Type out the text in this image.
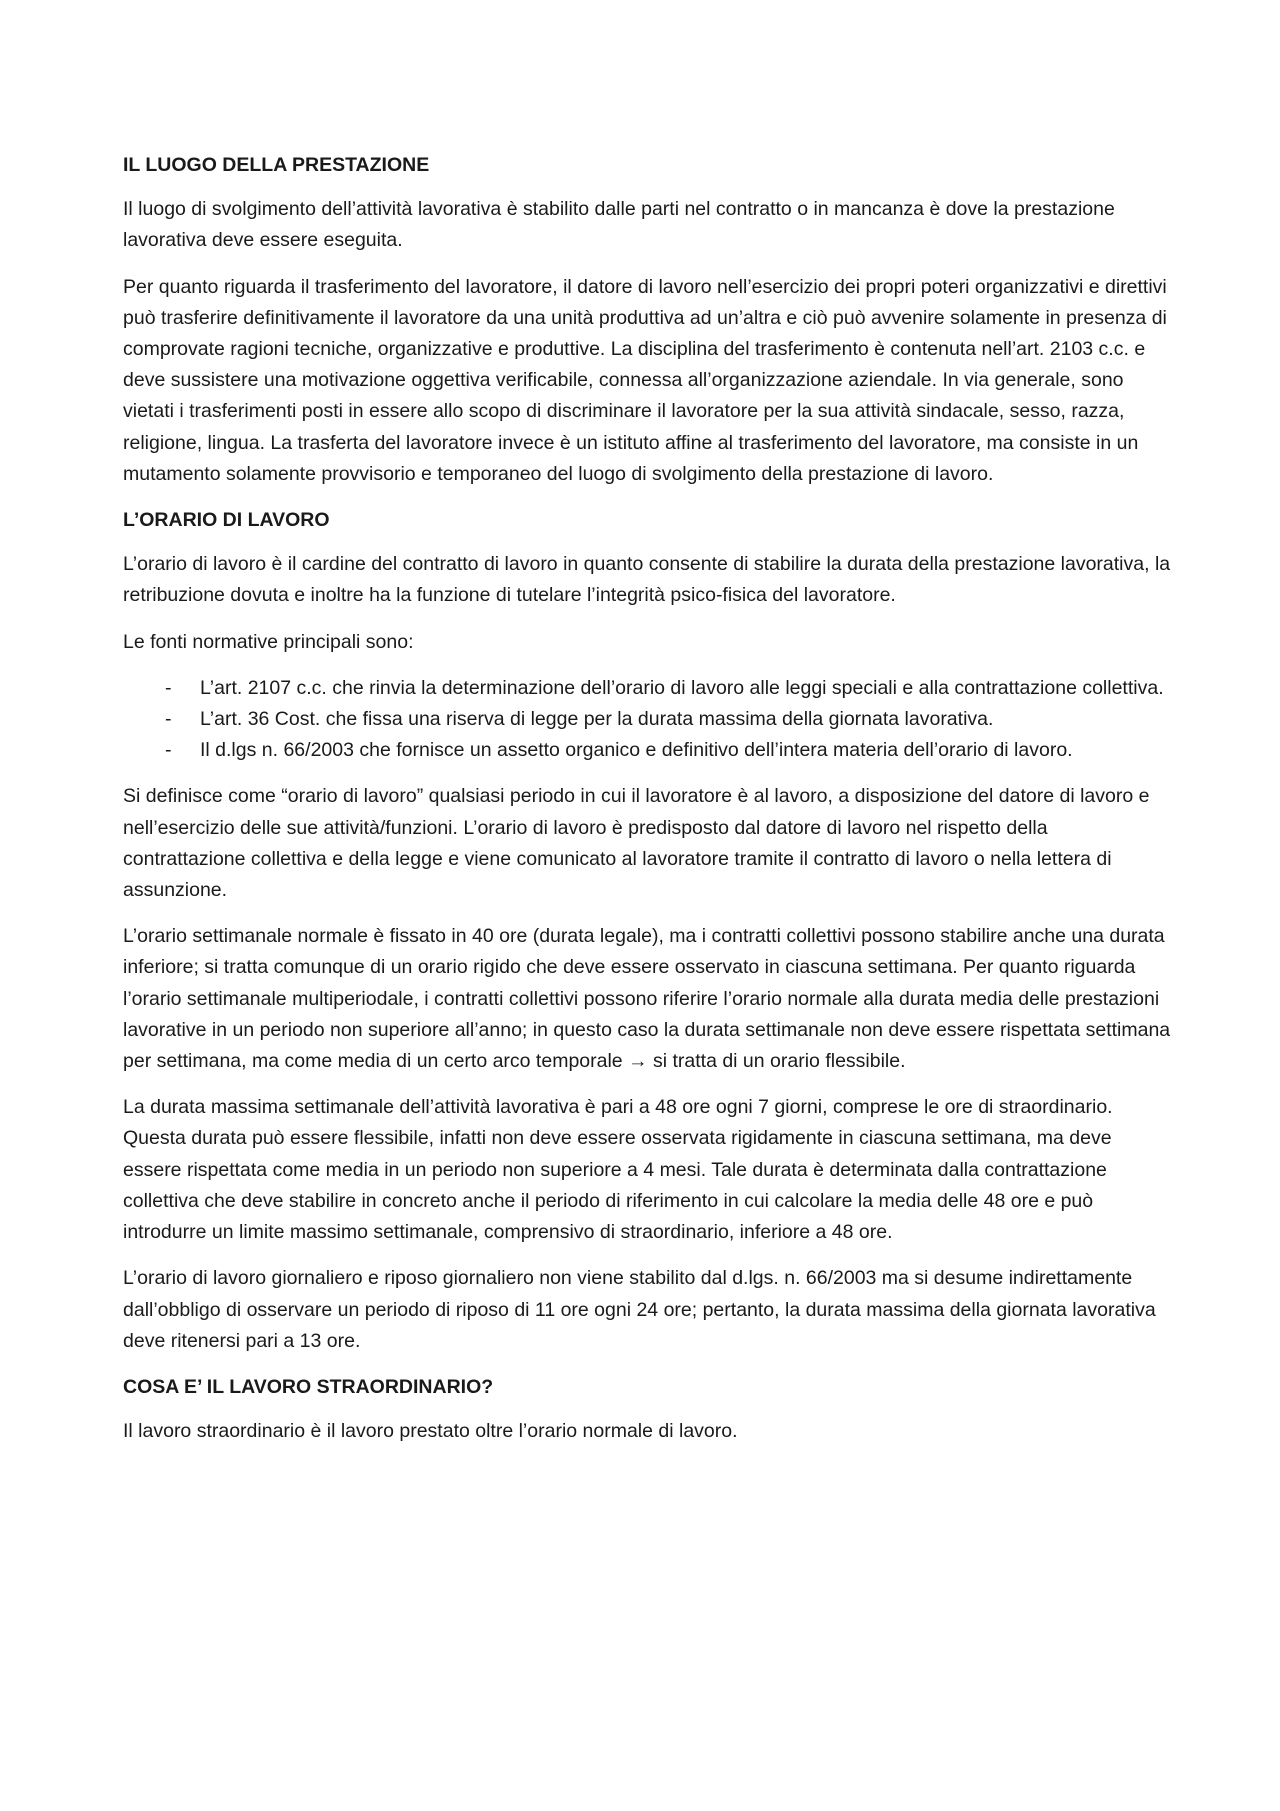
IL LUOGO DELLA PRESTAZIONE

Il luogo di svolgimento dell’attività lavorativa è stabilito dalle parti nel contratto o in mancanza è dove la prestazione lavorativa deve essere eseguita.

Per quanto riguarda il trasferimento del lavoratore, il datore di lavoro nell’esercizio dei propri poteri organizzativi e direttivi può trasferire definitivamente il lavoratore da una unità produttiva ad un’altra e ciò può avvenire solamente in presenza di comprovate ragioni tecniche, organizzative e produttive. La disciplina del trasferimento è contenuta nell’art. 2103 c.c. e deve sussistere una motivazione oggettiva verificabile, connessa all’organizzazione aziendale. In via generale, sono vietati i trasferimenti posti in essere allo scopo di discriminare il lavoratore per la sua attività sindacale, sesso, razza, religione, lingua. La trasferta del lavoratore invece è un istituto affine al trasferimento del lavoratore, ma consiste in un mutamento solamente provvisorio e temporaneo del luogo di svolgimento della prestazione di lavoro.

L’ORARIO DI LAVORO

L’orario di lavoro è il cardine del contratto di lavoro in quanto consente di stabilire la durata della prestazione lavorativa, la retribuzione dovuta e inoltre ha la funzione di tutelare l’integrità psico-fisica del lavoratore.

Le fonti normative principali sono:

- L’art. 2107 c.c. che rinvia la determinazione dell’orario di lavoro alle leggi speciali e alla contrattazione collettiva.
- L’art. 36 Cost. che fissa una riserva di legge per la durata massima della giornata lavorativa.
- Il d.lgs n. 66/2003 che fornisce un assetto organico e definitivo dell’intera materia dell’orario di lavoro.

Si definisce come “orario di lavoro” qualsiasi periodo in cui il lavoratore è al lavoro, a disposizione del datore di lavoro e nell’esercizio delle sue attività/funzioni. L’orario di lavoro è predisposto dal datore di lavoro nel rispetto della contrattazione collettiva e della legge e viene comunicato al lavoratore tramite il contratto di lavoro o nella lettera di assunzione.

L’orario settimanale normale è fissato in 40 ore (durata legale), ma i contratti collettivi possono stabilire anche una durata inferiore; si tratta comunque di un orario rigido che deve essere osservato in ciascuna settimana. Per quanto riguarda l’orario settimanale multiperiodale, i contratti collettivi possono riferire l’orario normale alla durata media delle prestazioni lavorative in un periodo non superiore all’anno; in questo caso la durata settimanale non deve essere rispettata settimana per settimana, ma come media di un certo arco temporale → si tratta di un orario flessibile.

La durata massima settimanale dell’attività lavorativa è pari a 48 ore ogni 7 giorni, comprese le ore di straordinario. Questa durata può essere flessibile, infatti non deve essere osservata rigidamente in ciascuna settimana, ma deve essere rispettata come media in un periodo non superiore a 4 mesi. Tale durata è determinata dalla contrattazione collettiva che deve stabilire in concreto anche il periodo di riferimento in cui calcolare la media delle 48 ore e può introdurre un limite massimo settimanale, comprensivo di straordinario, inferiore a 48 ore.

L’orario di lavoro giornaliero e riposo giornaliero non viene stabilito dal d.lgs. n. 66/2003 ma si desume indirettamente dall’obbligo di osservare un periodo di riposo di 11 ore ogni 24 ore; pertanto, la durata massima della giornata lavorativa deve ritenersi pari a 13 ore.

COSA E’ IL LAVORO STRAORDINARIO?

Il lavoro straordinario è il lavoro prestato oltre l’orario normale di lavoro.
